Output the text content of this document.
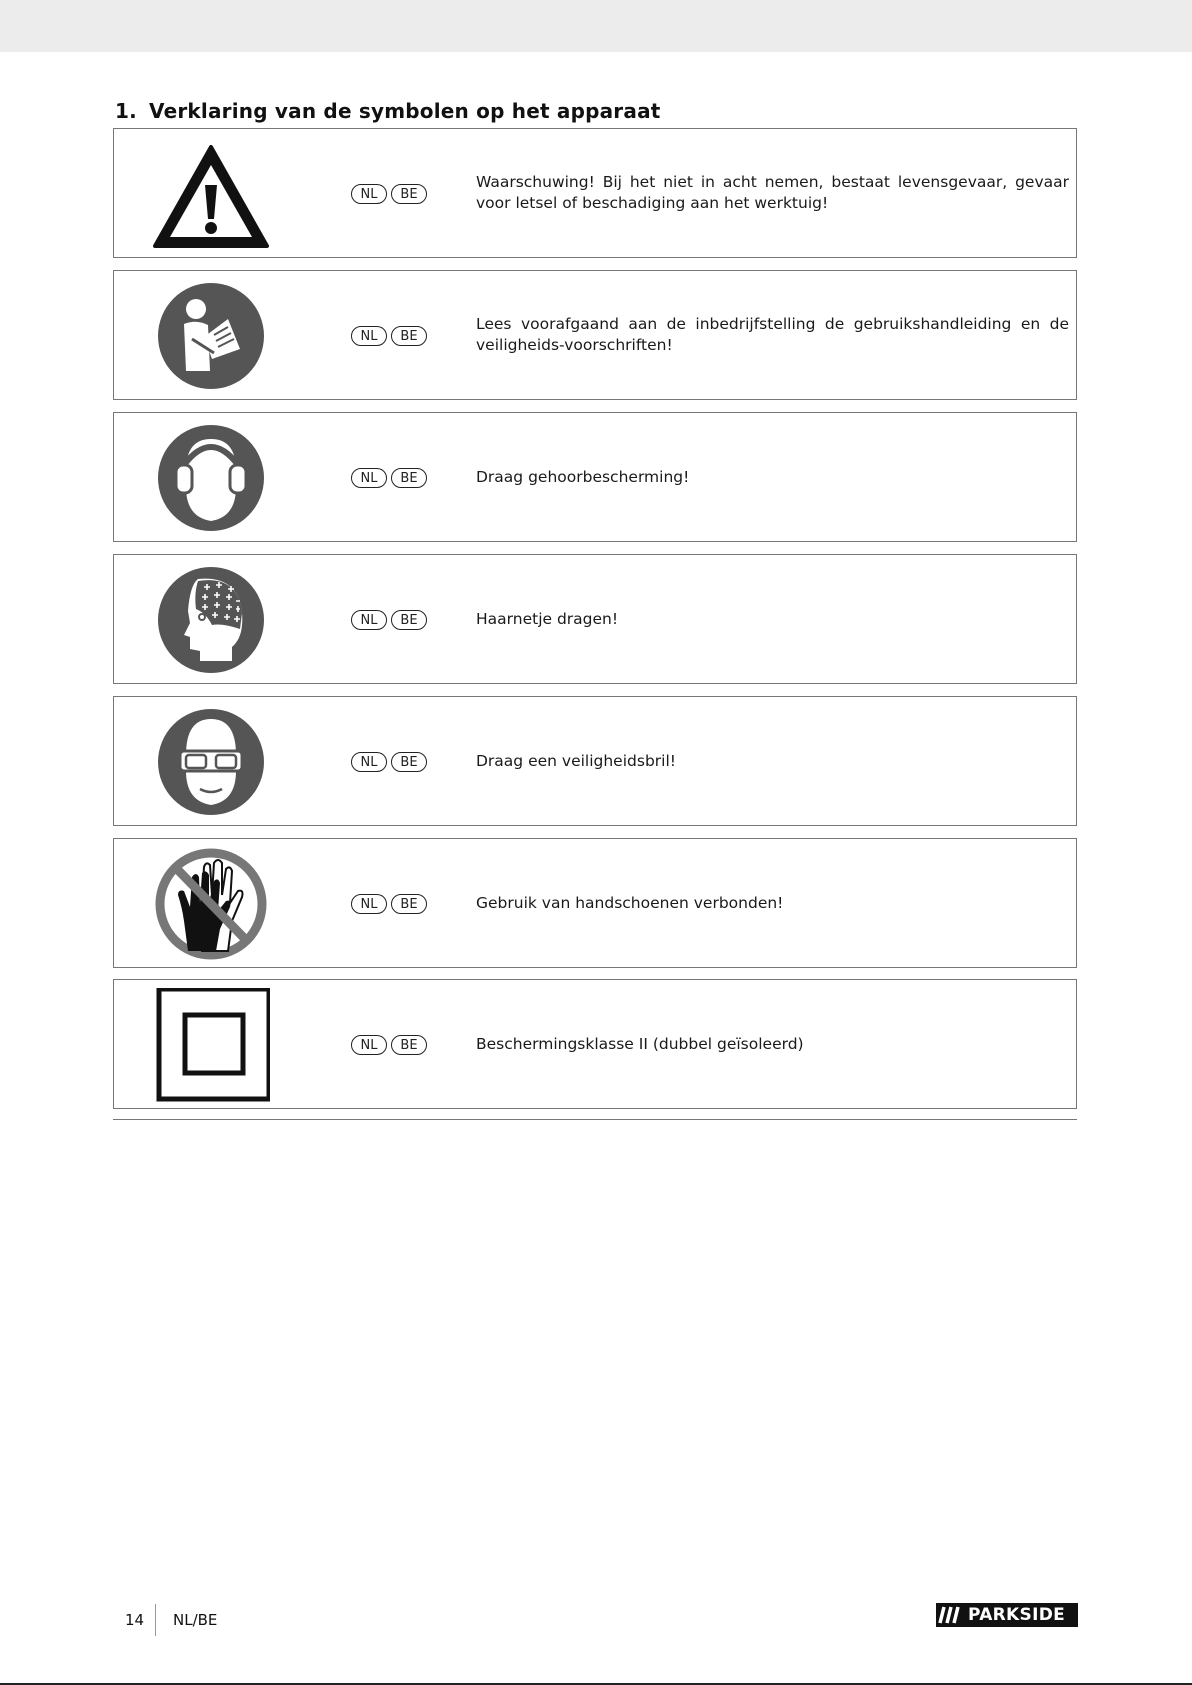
1. Verklaring van de symbolen op het apparaat
NL	BE
Waarschuwing! Bij het niet in acht nemen, bestaat levensgevaar, gevaar voor letsel of beschadiging aan het werktuig!
NL	BE
Lees voorafgaand aan de inbedrijfstelling de gebruikshandleiding en de veiligheids-voorschriften!
NL	BE	Draag gehoorbescherming!
NL	BE	Haarnetje dragen!
NL	BE	Draag een veiligheidsbril!
NL	BE	Gebruik van handschoenen verbonden!
NL	BE	Beschermingsklasse II (dubbel geïsoleerd)
14 NL/BE	PARKSIDE
